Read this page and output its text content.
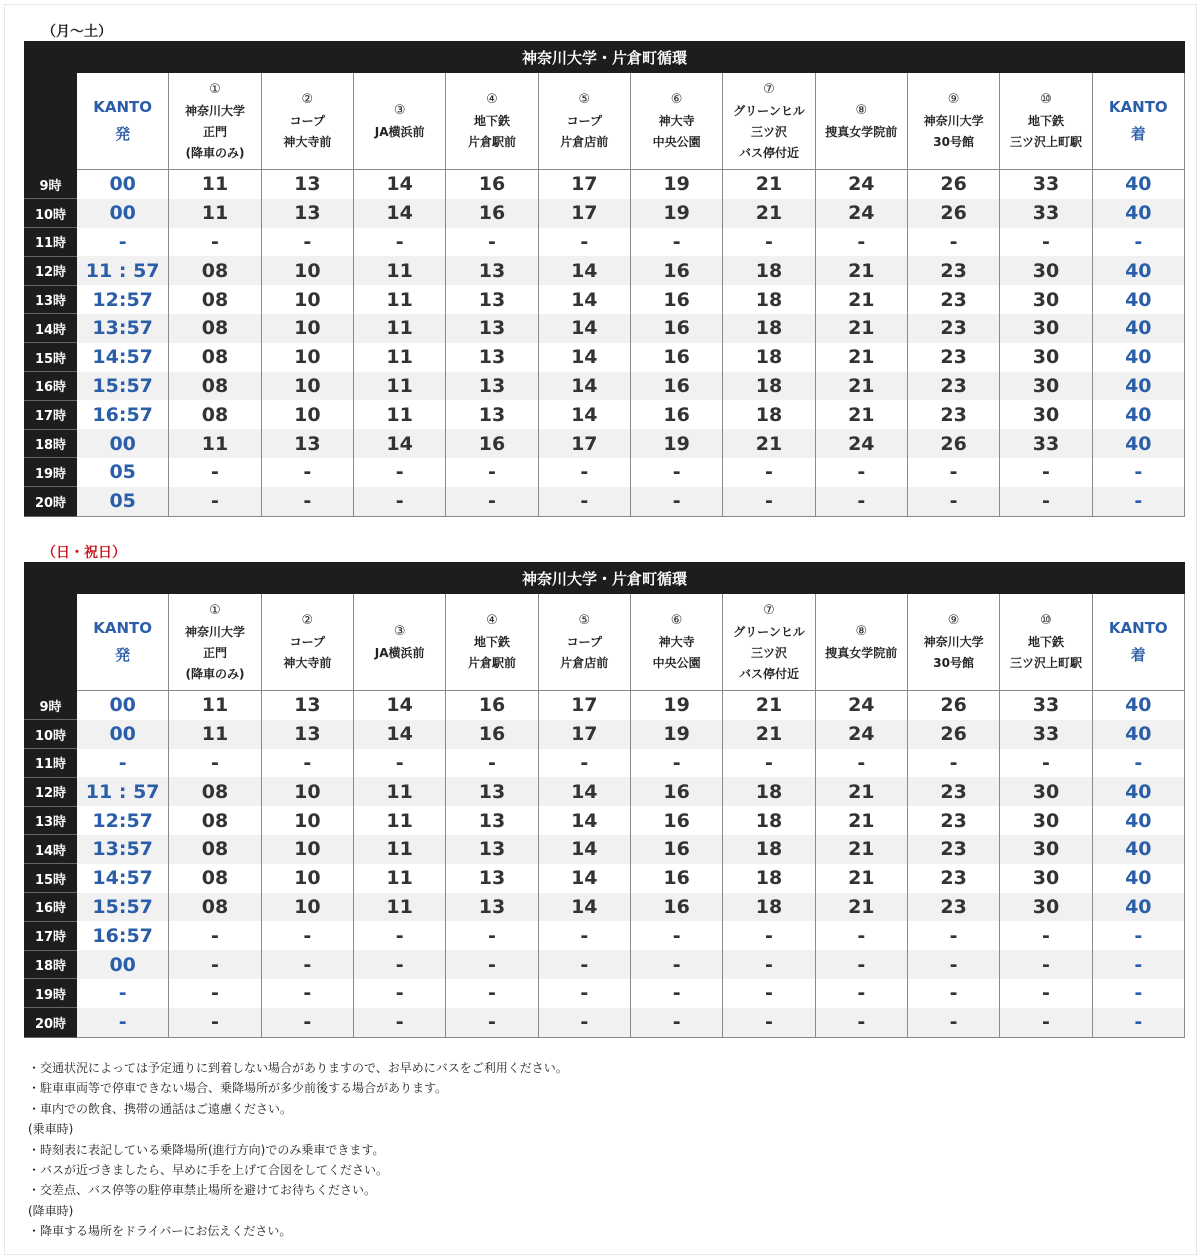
（月〜土）
神奈川大学・片倉町循環												

	KANTO
発	①
神奈川大学
正門
(降車のみ)	②
コープ
神大寺前	③
JA横浜前	④
地下鉄
片倉駅前	⑤
コープ
片倉店前	⑥
神大寺
中央公園	⑦
グリーンヒル
三ツ沢
バス停付近	⑧
捜真女学院前	⑨
神奈川大学
30号館	⑩
地下鉄
三ツ沢上町駅	KANTO
着

9時	00	11	13	14	16	17	19	21	24	26	33	40
10時	00	11	13	14	16	17	19	21	24	26	33	40
11時	-	-	-	-	-	-	-	-	-	-	-	-
12時	11 : 57	08	10	11	13	14	16	18	21	23	30	40
13時	12:57	08	10	11	13	14	16	18	21	23	30	40
14時	13:57	08	10	11	13	14	16	18	21	23	30	40
15時	14:57	08	10	11	13	14	16	18	21	23	30	40
16時	15:57	08	10	11	13	14	16	18	21	23	30	40
17時	16:57	08	10	11	13	14	16	18	21	23	30	40
18時	00	11	13	14	16	17	19	21	24	26	33	40
19時	05	-	-	-	-	-	-	-	-	-	-	-
20時	05	-	-	-	-	-	-	-	-	-	-	-
（日・祝日）
神奈川大学・片倉町循環												

	KANTO
発	①
神奈川大学
正門
(降車のみ)	②
コープ
神大寺前	③
JA横浜前	④
地下鉄
片倉駅前	⑤
コープ
片倉店前	⑥
神大寺
中央公園	⑦
グリーンヒル
三ツ沢
バス停付近	⑧
捜真女学院前	⑨
神奈川大学
30号館	⑩
地下鉄
三ツ沢上町駅	KANTO
着

9時	00	11	13	14	16	17	19	21	24	26	33	40
10時	00	11	13	14	16	17	19	21	24	26	33	40
11時	-	-	-	-	-	-	-	-	-	-	-	-
12時	11 : 57	08	10	11	13	14	16	18	21	23	30	40
13時	12:57	08	10	11	13	14	16	18	21	23	30	40
14時	13:57	08	10	11	13	14	16	18	21	23	30	40
15時	14:57	08	10	11	13	14	16	18	21	23	30	40
16時	15:57	08	10	11	13	14	16	18	21	23	30	40
17時	16:57	-	-	-	-	-	-	-	-	-	-	-
18時	00	-	-	-	-	-	-	-	-	-	-	-
19時	-	-	-	-	-	-	-	-	-	-	-	-
20時	-	-	-	-	-	-	-	-	-	-	-	-
・交通状況によっては予定通りに到着しない場合がありますので、お早めにバスをご利用ください。
・駐車車両等で停車できない場合、乗降場所が多少前後する場合があります。
・車内での飲食、携帯の通話はご遠慮ください。
(乗車時)
・時刻表に表記している乗降場所(進行方向)でのみ乗車できます。
・バスが近づきましたら、早めに手を上げて合図をしてください。
・交差点、バス停等の駐停車禁止場所を避けてお待ちください。
(降車時)
・降車する場所をドライバーにお伝えください。
